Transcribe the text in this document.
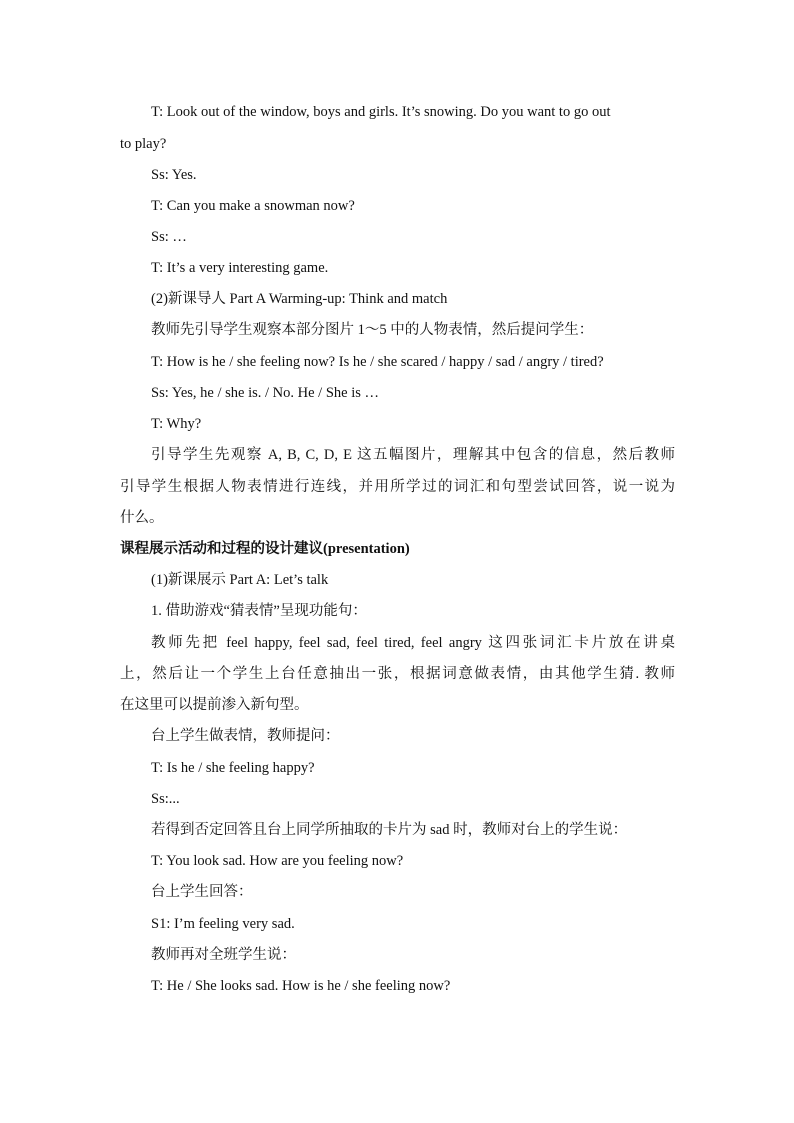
T: Look out of the window, boys and girls. It’s snowing. Do you want to go out
to play?
Ss: Yes.
T: Can you make a snowman now?
Ss: …
T: It’s a very interesting game.
(2)新课导人 Part A Warming-up: Think and match
教师先引导学生观察本部分图片 1～5 中的人物表情，然后提问学生：
T: How is he / she feeling now? Is he / she scared / happy / sad / angry / tired?
Ss: Yes, he / she is. / No. He / She is …
T: Why?
引导学生先观察 A, B, C, D, E 这五幅图片，理解其中包含的信息，然后教师
引导学生根据人物表情进行连线，并用所学过的词汇和句型尝试回答，说一说为
什么。
课程展示活动和过程的设计建议(presentation)
(1)新课展示 Part A: Let’s talk
1. 借助游戏“猜表情”呈现功能句：
教师先把 feel happy, feel sad, feel tired, feel angry 这四张词汇卡片放在讲桌
上，然后让一个学生上台任意抽出一张，根据词意做表情，由其他学生猜. 教师
在这里可以提前渗入新句型。
台上学生做表情，教师提问：
T: Is he / she feeling happy?
Ss:...
若得到否定回答且台上同学所抽取的卡片为 sad 时，教师对台上的学生说：
T: You look sad. How are you feeling now?
台上学生回答：
S1: I’m feeling very sad.
教师再对全班学生说：
T: He / She looks sad. How is he / she feeling now?
